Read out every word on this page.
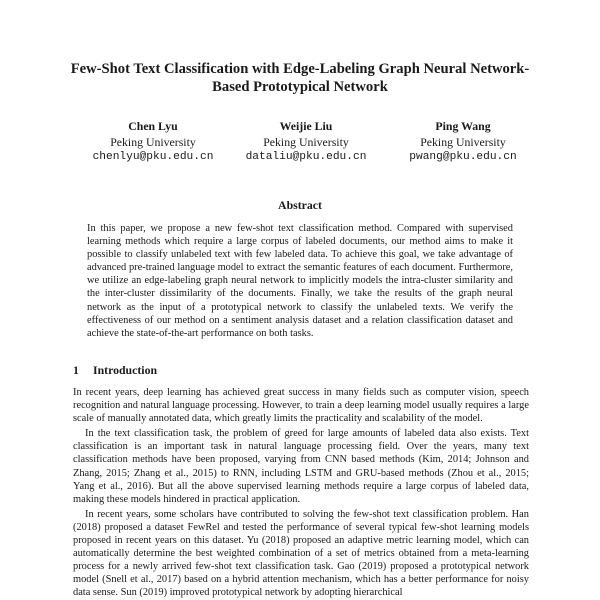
Few-Shot Text Classification with Edge-Labeling Graph Neural Network-Based Prototypical Network
Chen Lyu
Peking University
chenlyu@pku.edu.cn
Weijie Liu
Peking University
dataliu@pku.edu.cn
Ping Wang
Peking University
pwang@pku.edu.cn
Abstract

In this paper, we propose a new few-shot text classification method. Compared with supervised learning methods which require a large corpus of labeled documents, our method aims to make it possible to classify unlabeled text with few labeled data. To achieve this goal, we take advantage of advanced pre-trained language model to extract the semantic features of each document. Furthermore, we utilize an edge-labeling graph neural network to implicitly models the intra-cluster similarity and the inter-cluster dissimilarity of the documents. Finally, we take the results of the graph neural network as the input of a prototypical network to classify the unlabeled texts. We verify the effectiveness of our method on a sentiment analysis dataset and a relation classification dataset and achieve the state-of-the-art performance on both tasks.

1 Introduction

In recent years, deep learning has achieved great success in many fields such as computer vision, speech recognition and natural language processing. However, to train a deep learning model usually requires a large scale of manually annotated data, which greatly limits the practicality and scalability of the model.

In the text classification task, the problem of greed for large amounts of labeled data also exists. Text classification is an important task in natural language processing field. Over the years, many text classification methods have been proposed, varying from CNN based methods (Kim, 2014; Johnson and Zhang, 2015; Zhang et al., 2015) to RNN, including LSTM and GRU-based methods (Zhou et al., 2015; Yang et al., 2016). But all the above supervised learning methods require a large corpus of labeled data, making these models hindered in practical application.

In recent years, some scholars have contributed to solving the few-shot text classification problem. Han (2018) proposed a dataset FewRel and tested the performance of several typical few-shot learning models proposed in recent years on this dataset. Yu (2018) proposed an adaptive metric learning model, which can automatically determine the best weighted combination of a set of metrics obtained from a meta-learning process for a newly arrived few-shot text classification task. Gao (2019) proposed a prototypical network model (Snell et al., 2017) based on a hybrid attention mechanism, which has a better performance for noisy data sense. Sun (2019) improved prototypical network by adopting hierarchical
